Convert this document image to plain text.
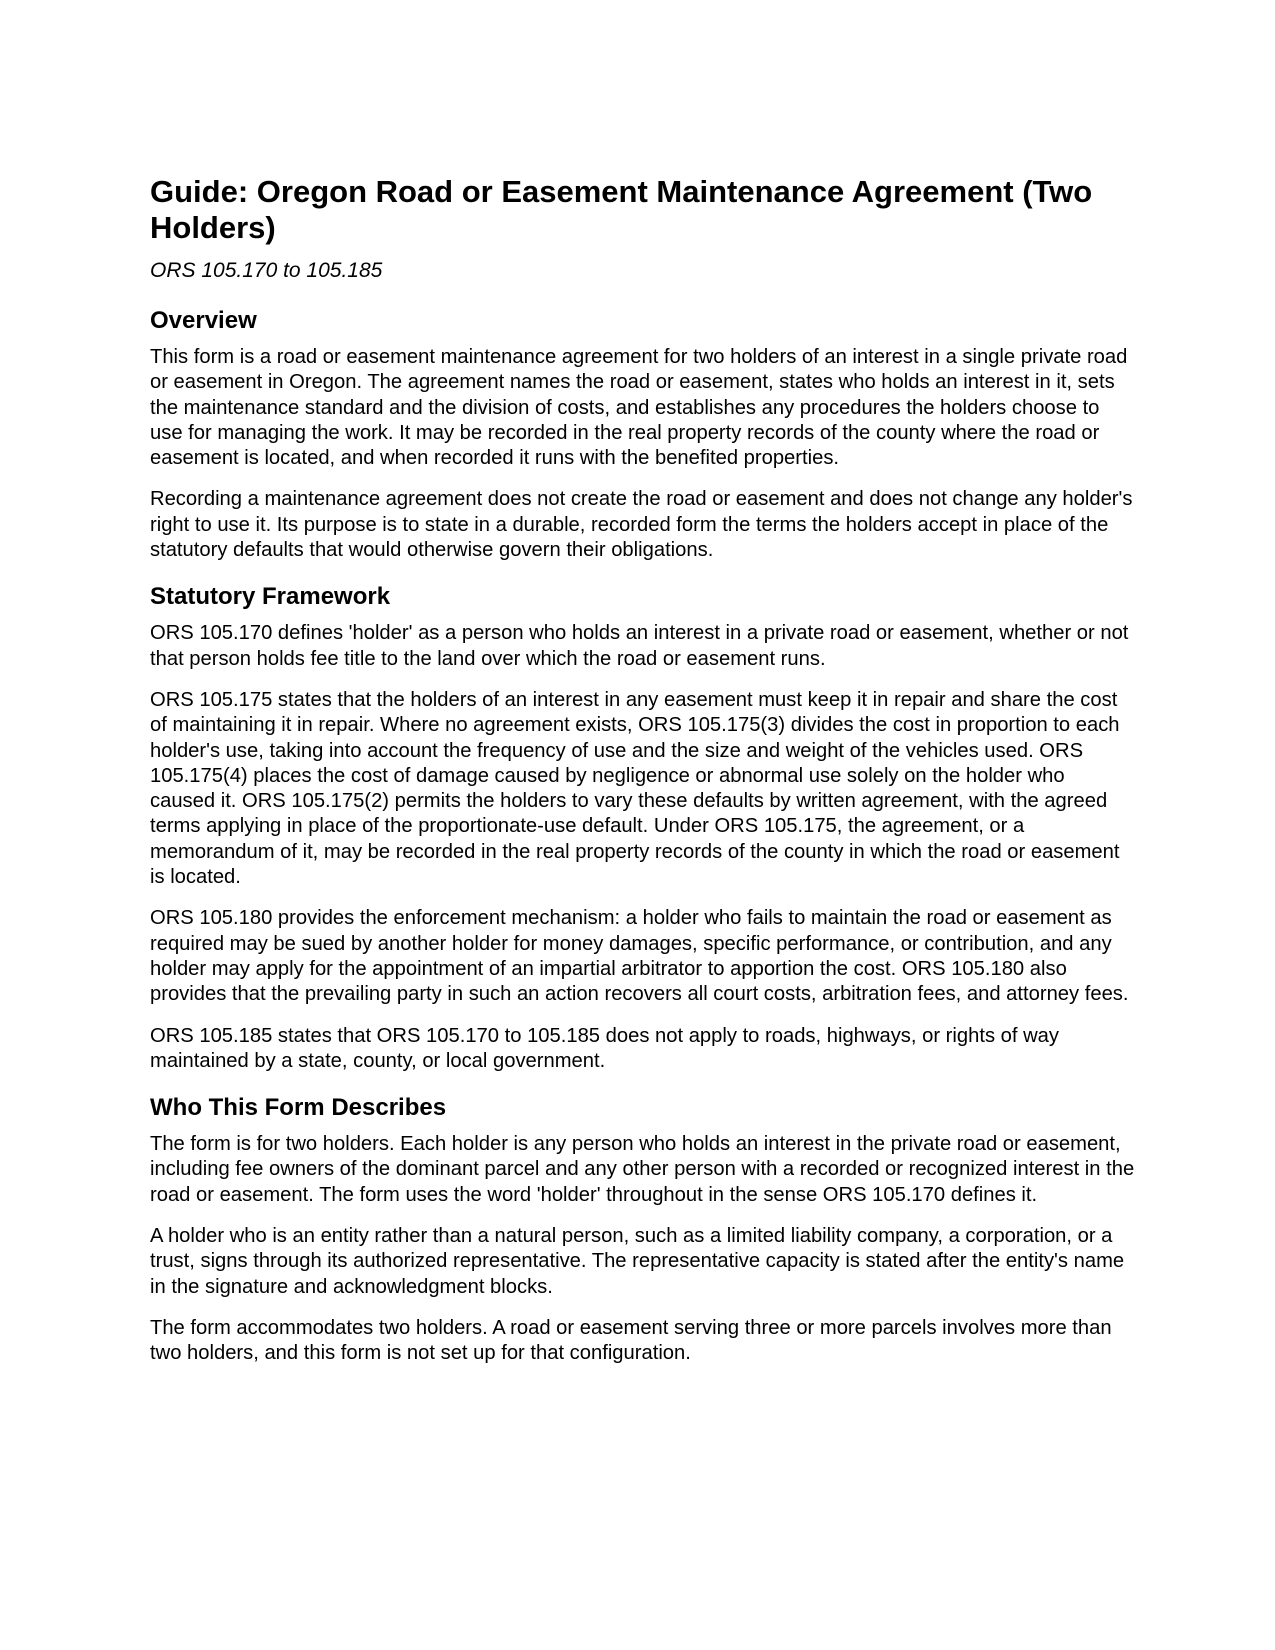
Guide: Oregon Road or Easement Maintenance Agreement (Two Holders)
ORS 105.170 to 105.185
Overview

This form is a road or easement maintenance agreement for two holders of an interest in a single private road or easement in Oregon. The agreement names the road or easement, states who holds an interest in it, sets the maintenance standard and the division of costs, and establishes any procedures the holders choose to use for managing the work. It may be recorded in the real property records of the county where the road or easement is located, and when recorded it runs with the benefited properties.

Recording a maintenance agreement does not create the road or easement and does not change any holder's right to use it. Its purpose is to state in a durable, recorded form the terms the holders accept in place of the statutory defaults that would otherwise govern their obligations.

Statutory Framework

ORS 105.170 defines 'holder' as a person who holds an interest in a private road or easement, whether or not that person holds fee title to the land over which the road or easement runs.

ORS 105.175 states that the holders of an interest in any easement must keep it in repair and share the cost of maintaining it in repair. Where no agreement exists, ORS 105.175(3) divides the cost in proportion to each holder's use, taking into account the frequency of use and the size and weight of the vehicles used. ORS 105.175(4) places the cost of damage caused by negligence or abnormal use solely on the holder who caused it. ORS 105.175(2) permits the holders to vary these defaults by written agreement, with the agreed terms applying in place of the proportionate-use default. Under ORS 105.175, the agreement, or a memorandum of it, may be recorded in the real property records of the county in which the road or easement is located.

ORS 105.180 provides the enforcement mechanism: a holder who fails to maintain the road or easement as required may be sued by another holder for money damages, specific performance, or contribution, and any holder may apply for the appointment of an impartial arbitrator to apportion the cost. ORS 105.180 also provides that the prevailing party in such an action recovers all court costs, arbitration fees, and attorney fees.

ORS 105.185 states that ORS 105.170 to 105.185 does not apply to roads, highways, or rights of way maintained by a state, county, or local government.

Who This Form Describes

The form is for two holders. Each holder is any person who holds an interest in the private road or easement, including fee owners of the dominant parcel and any other person with a recorded or recognized interest in the road or easement. The form uses the word 'holder' throughout in the sense ORS 105.170 defines it.

A holder who is an entity rather than a natural person, such as a limited liability company, a corporation, or a trust, signs through its authorized representative. The representative capacity is stated after the entity's name in the signature and acknowledgment blocks.

The form accommodates two holders. A road or easement serving three or more parcels involves more than two holders, and this form is not set up for that configuration.
